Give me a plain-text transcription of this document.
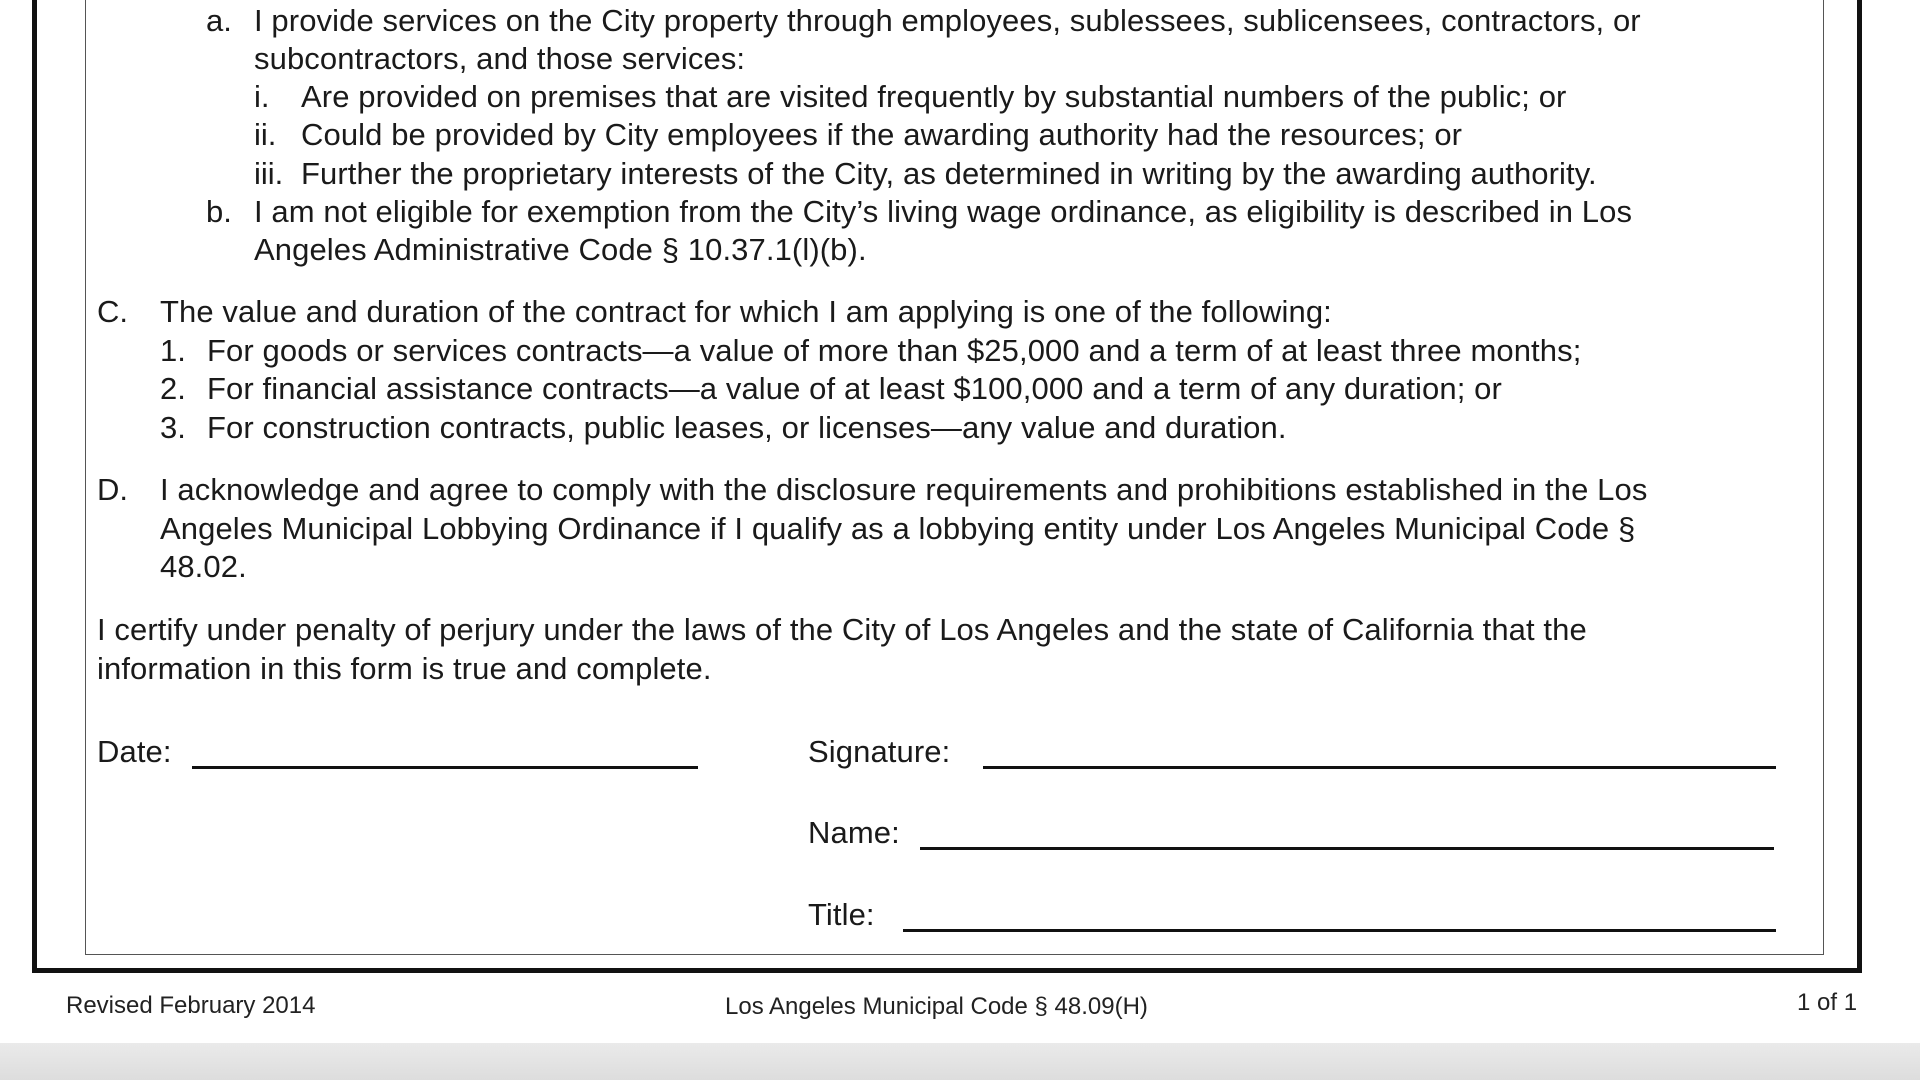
a. I provide services on the City property through employees, sublessees, sublicensees, contractors, or
subcontractors, and those services:
i. Are provided on premises that are visited frequently by substantial numbers of the public; or
ii. Could be provided by City employees if the awarding authority had the resources; or
iii. Further the proprietary interests of the City, as determined in writing by the awarding authority.
b. I am not eligible for exemption from the City’s living wage ordinance, as eligibility is described in Los
Angeles Administrative Code § 10.37.1(l)(b).
C. The value and duration of the contract for which I am applying is one of the following:
1. For goods or services contracts—a value of more than $25,000 and a term of at least three months;
2. For financial assistance contracts—a value of at least $100,000 and a term of any duration; or
3. For construction contracts, public leases, or licenses—any value and duration.
D. I acknowledge and agree to comply with the disclosure requirements and prohibitions established in the Los
Angeles Municipal Lobbying Ordinance if I qualify as a lobbying entity under Los Angeles Municipal Code §
48.02.
I certify under penalty of perjury under the laws of the City of Los Angeles and the state of California that the
information in this form is true and complete.
Date:	Signature:
Name:
Title:
Revised February 2014	Los Angeles Municipal Code § 48.09(H)	1 of 1
